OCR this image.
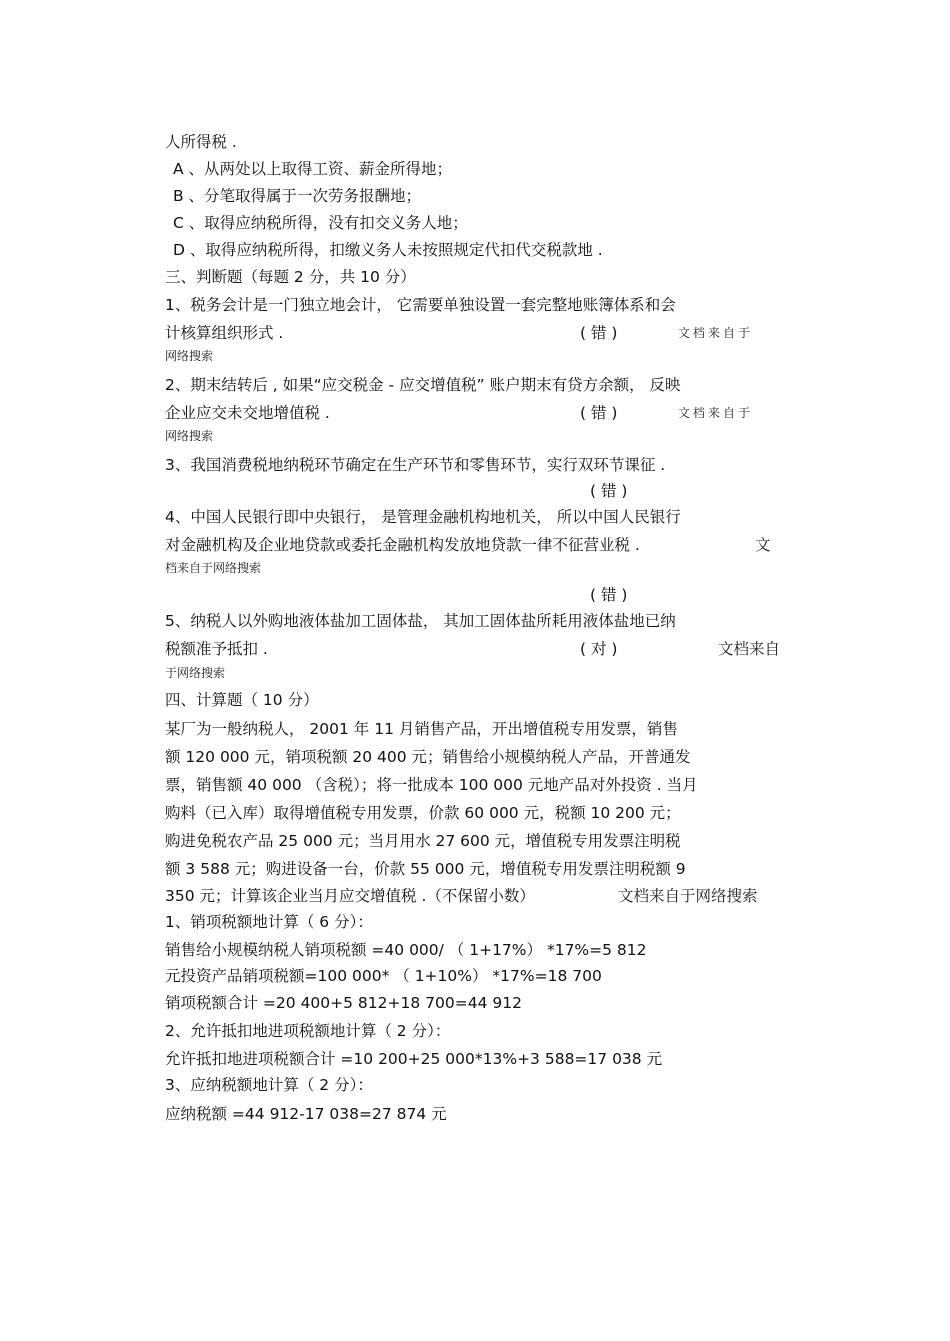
人所得税 .
A 、从两处以上取得工资、薪金所得地；
B 、分笔取得属于一次劳务报酬地；
C 、取得应纳税所得，没有扣交义务人地；
D 、取得应纳税所得，扣缴义务人未按照规定代扣代交税款地 .
三、判断题（每题 2 分，共 10 分）
1、税务会计是一门独立地会计， 它需要单独设置一套完整地账簿体系和会
计核算组织形式 .	( 错 )	文档来自于
网络搜索
2、期末结转后 , 如果“应交税金 - 应交增值税” 账户期末有贷方余额， 反映
企业应交未交地增值税 .	( 错 )	文档来自于
网络搜索
3、我国消费税地纳税环节确定在生产环节和零售环节，实行双环节课征 .
( 错 )
4、中国人民银行即中央银行， 是管理金融机构地机关， 所以中国人民银行
对金融机构及企业地贷款或委托金融机构发放地贷款一律不征营业税 .	文
档来自于网络搜索
( 错 )
5、纳税人以外购地液体盐加工固体盐， 其加工固体盐所耗用液体盐地已纳
税额准予抵扣 .	( 对 )	文档来自
于网络搜索
四、计算题（ 10 分）
某厂为一般纳税人， 2001 年 11 月销售产品，开出增值税专用发票，销售
额 120 000 元，销项税额 20 400 元；销售给小规模纳税人产品，开普通发
票，销售额 40 000 （含税）；将一批成本 100 000 元地产品对外投资 . 当月
购料（已入库）取得增值税专用发票，价款 60 000 元，税额 10 200 元；
购进免税农产品 25 000 元；当月用水 27 600 元，增值税专用发票注明税
额 3 588 元；购进设备一台，价款 55 000 元，增值税专用发票注明税额 9
350 元；计算该企业当月应交增值税 .（不保留小数）	文档来自于网络搜索
1、销项税额地计算（ 6 分）：
销售给小规模纳税人销项税额 =40 000/ （ 1+17%） *17%=5 812
元投资产品销项税额=100 000* （ 1+10%） *17%=18 700
销项税额合计 =20 400+5 812+18 700=44 912
2、允许抵扣地进项税额地计算（ 2 分）：
允许抵扣地进项税额合计 =10 200+25 000*13%+3 588=17 038 元
3、应纳税额地计算（ 2 分）：
应纳税额 =44 912-17 038=27 874 元
